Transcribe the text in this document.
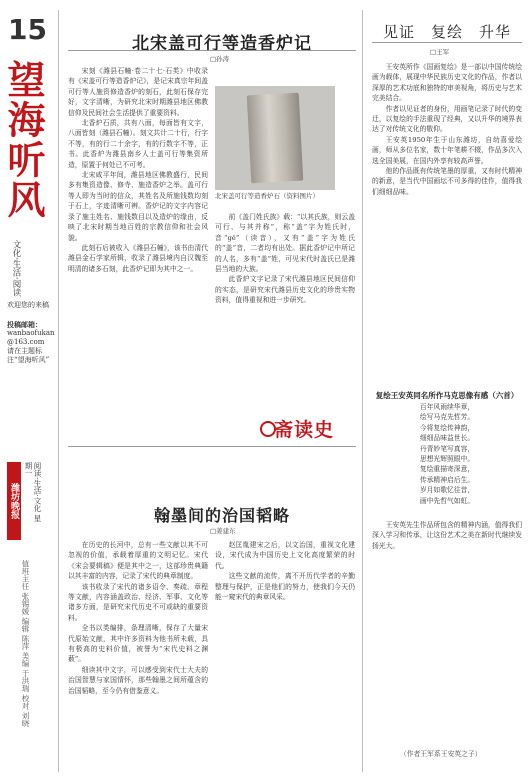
15
望海听风
文化·生活·阅读
欢迎您的来稿
投稿邮箱：
wanbaofukan
@163.com
请在主题标注“望海听风”
潍坊晚报	阅读·生活·文化 星期一
值班主任 张锡媛 编辑 陈萍 美编 于洪瑞 校对 刘晓
北宋盖可行等造香炉记
□孙涛

宋刻《潍县石幢·卷二十七·石类》中收录有《宋盖可行等造香炉记》，是记宋真宗年间盖可行等人施资修造香炉的刻石，此刻石保存完好，文字清晰，为研究北宋时期潍县地区佛教信仰及民间社会生活提供了重要资料。

北香炉石质，共有八面，每面皆有文字，八面皆刻（潍县石幢）。刻文共计二十行，行字不等，有的行二十余字，有的行数字不等，正书。此香炉为潍县南乡人士盖可行等集资所造，原置于何处已不可考。

北宋咸平年间，潍县地区佛教盛行，民间多有集资造像、修寺、施造香炉之举。盖可行等人即为当时的信众，其姓名及所施钱数均刻于石上，字迹清晰可辨。香炉记的文字内容记录了施主姓名、施钱数目以及造炉的缘由，反映了北宋时期当地百姓的宗教信仰和社会风貌。

此刻石后被收入《潍县石幢》，该书由清代潍县金石学家所辑，收录了潍县境内自汉魏至明清的诸多石刻，此香炉记即为其中之一。

北宋盖可行等造香炉石（资料图片）

前《盖门姓氏族》载：“以其氏族，则云盖可行、与其并称”，称“盖”字为姓氏时，音“gě”（读音），又有“盖”字为姓氏的“盖”音，二者均有出处。据此香炉记中所记的人名，多有“盖”姓，可见宋代时盖氏已是潍县当地的大族。

此香炉文字记录了宋代潍县地区民间信仰的实态，是研究宋代潍县历史文化的珍贵实物资料，值得重视和进一步研究。

斋读史
翰墨间的治国韬略
□姜建东

在历史的长河中，总有一些文献以其不可忽视的价值，承载着厚重的文明记忆。宋代《宋会要辑稿》便是其中之一，这部珍贵典籍以其丰富的内容，记录了宋代的典章制度。

该书收录了宋代的诸多诏令、奏疏、章程等文献，内容涵盖政治、经济、军事、文化等诸多方面，是研究宋代历史不可或缺的重要资料。

全书以类编排，条理清晰，保存了大量宋代原始文献，其中许多资料为他书所未载，具有极高的史料价值，被誉为“宋代史料之渊薮”。

细读其中文字，可以感受到宋代士大夫的治国智慧与家国情怀，那些翰墨之间所蕴含的治国韬略，至今仍有借鉴意义。

赵匡胤建宋之后，以文治国，重视文化建设，宋代成为中国历史上文化高度繁荣的时代。

这些文献的流传，离不开历代学者的辛勤整理与保护，正是他们的努力，使我们今天仍能一窥宋代的典章风采。

见证　复绘　升华
□王军

王安英所作《国画复绘》是一部以中国传统绘画为载体，展现中华民族历史文化的作品，作者以深厚的艺术功底和独特的审美视角，将历史与艺术完美结合。

作者以见证者的身份，用画笔记录了时代的变迁，以复绘的手法重现了经典，又以升华的境界表达了对传统文化的敬仰。

王安英1950年生于山东潍坊，自幼喜爱绘画，师从多位名家，数十年笔耕不辍，作品多次入选全国美展，在国内外享有较高声誉。

他的作品既有传统笔墨的厚重，又有时代精神的新意，是当代中国画坛不可多得的佳作，值得我们细细品味。

复绘王安英同名所作马克思像有感（六首）
百年风雨续华章，
绘写马克先哲芳。
今将复绘传神韵，
细细品味益世长。
丹青妙笔写真容，
思想光辉照眼中。
复绘重描寄深意，
传承精神启后生。
岁月如歌忆往昔，
画中先哲气如虹。

王安英先生作品所包含的精神内涵，值得我们深入学习和传承，让这份艺术之美在新时代继续发扬光大。

（作者王军系王安英之子）
